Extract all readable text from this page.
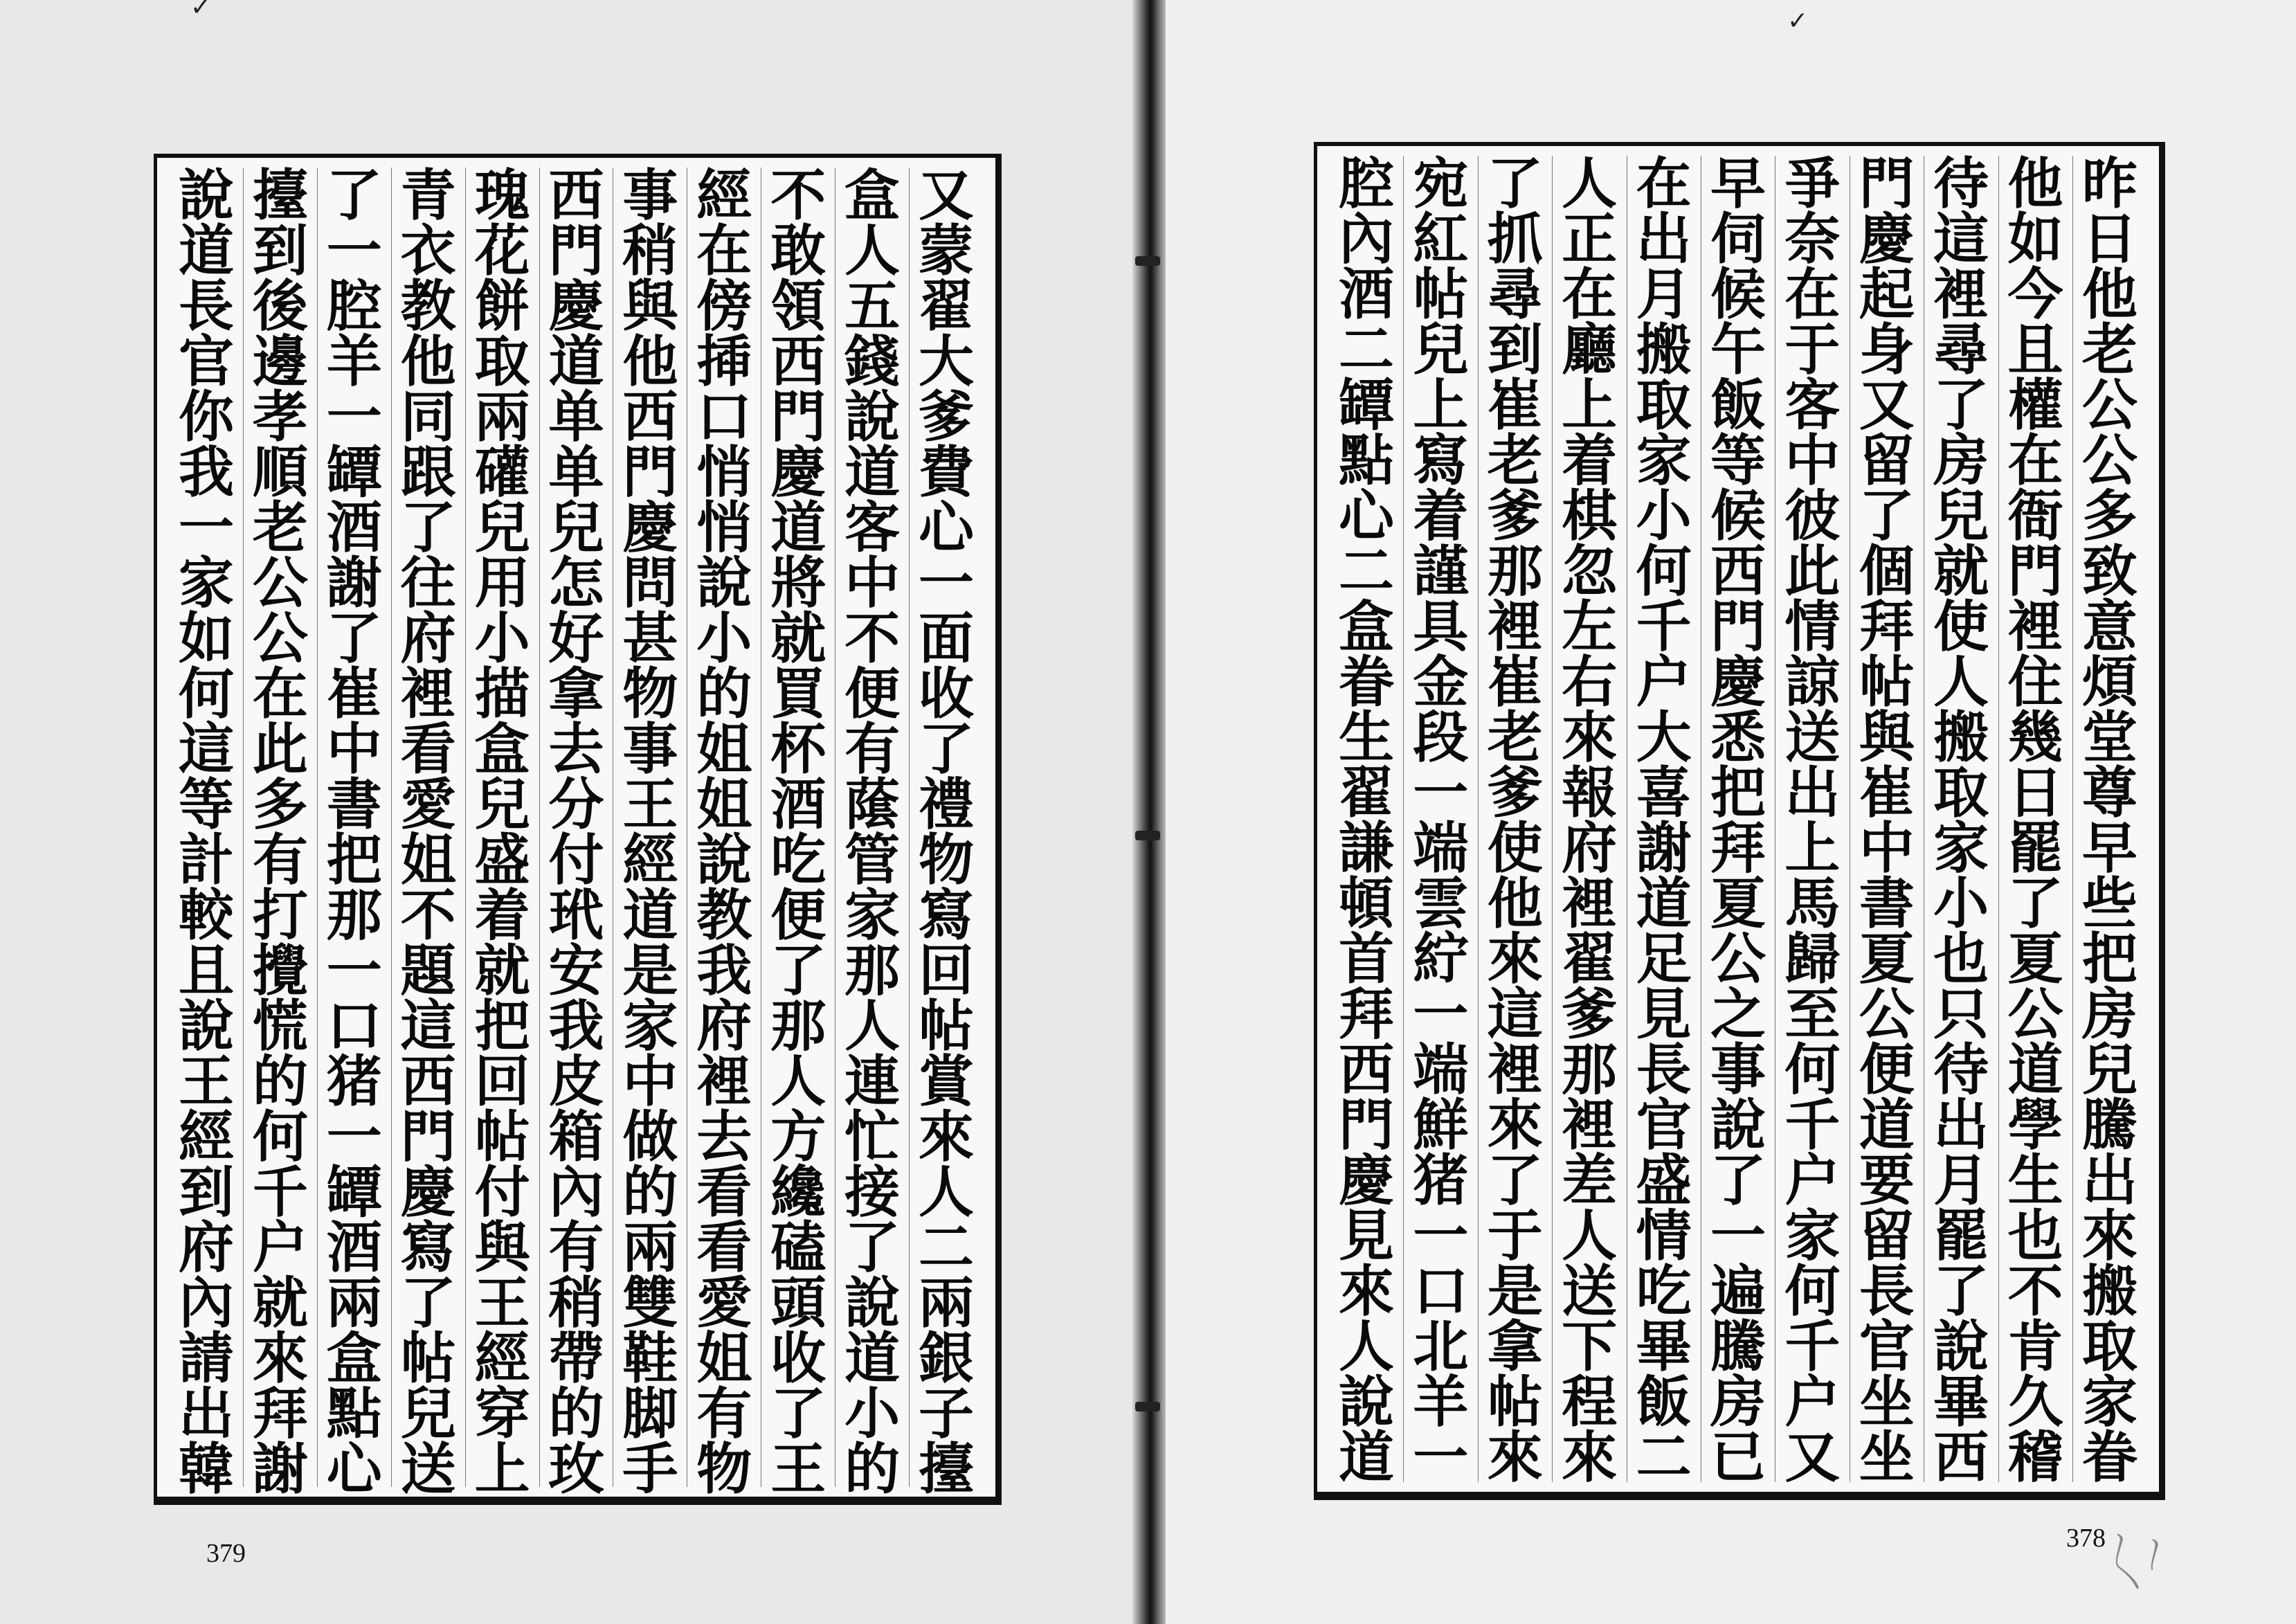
✓
又
蒙
翟
大
爹
費
心
一
面
收
了
禮
物
寫
回
帖
賞
來
人
二
兩
銀
子
擡
盒
人
五
錢
說
道
客
中
不
便
有
䕃
管
家
那
人
連
忙
接
了
說
道
小
的
不
敢
領
西
門
慶
道
將
就
買
杯
酒
吃
便
了
那
人
方
纔
磕
頭
收
了
王
經
在
傍
揷
口
悄
悄
說
小
的
姐
姐
說
教
我
府
裡
去
看
看
愛
姐
有
物
事
稍
與
他
西
門
慶
問
甚
物
事
王
經
道
是
家
中
做
的
兩
雙
鞋
脚
手
西
門
慶
道
单
单
兒
怎
好
拿
去
分
付
玳
安
我
皮
箱
內
有
稍
帶
的
玫
瑰
花
餅
取
兩
礶
兒
用
小
描
盒
兒
盛
着
就
把
回
帖
付
與
王
經
穿
上
青
衣
教
他
同
跟
了
往
府
裡
看
愛
姐
不
題
這
西
門
慶
寫
了
帖
兒
送
了
一
腔
羊
一
罈
酒
謝
了
崔
中
書
把
那
一
口
猪
一
罈
酒
兩
盒
點
心
擡
到
後
邊
孝
順
老
公
公
在
此
多
有
打
攪
慌
的
何
千
户
就
來
拜
謝
說
道
長
官
你
我
一
家
如
何
這
等
計
較
且
說
王
經
到
府
內
請
出
韓
379
✓
昨
日
他
老
公
公
多
致
意
煩
堂
尊
早
些
把
房
兒
騰
出
來
搬
取
家
眷
他
如
今
且
權
在
衙
門
裡
住
幾
日
罷
了
夏
公
道
學
生
也
不
肯
久
稽
待
這
裡
尋
了
房
兒
就
使
人
搬
取
家
小
也
只
待
出
月
罷
了
說
畢
西
門
慶
起
身
又
留
了
個
拜
帖
與
崔
中
書
夏
公
便
道
要
留
長
官
坐
坐
爭
奈
在
于
客
中
彼
此
情
諒
送
出
上
馬
歸
至
何
千
户
家
何
千
户
又
早
伺
候
午
飯
等
候
西
門
慶
悉
把
拜
夏
公
之
事
說
了
一
遍
騰
房
已
在
出
月
搬
取
家
小
何
千
户
大
喜
謝
道
足
見
長
官
盛
情
吃
畢
飯
二
人
正
在
廳
上
着
棋
忽
左
右
來
報
府
裡
翟
爹
那
裡
差
人
送
下
程
來
了
抓
尋
到
崔
老
爹
那
裡
崔
老
爹
使
他
來
這
裡
來
了
于
是
拿
帖
來
宛
紅
帖
兒
上
寫
着
謹
具
金
段
一
端
雲
紵
一
端
鮮
猪
一
口
北
羊
一
腔
內
酒
二
罈
點
心
二
盒
眷
生
翟
謙
頓
首
拜
西
門
慶
見
來
人
說
道
378
〳〵〳
